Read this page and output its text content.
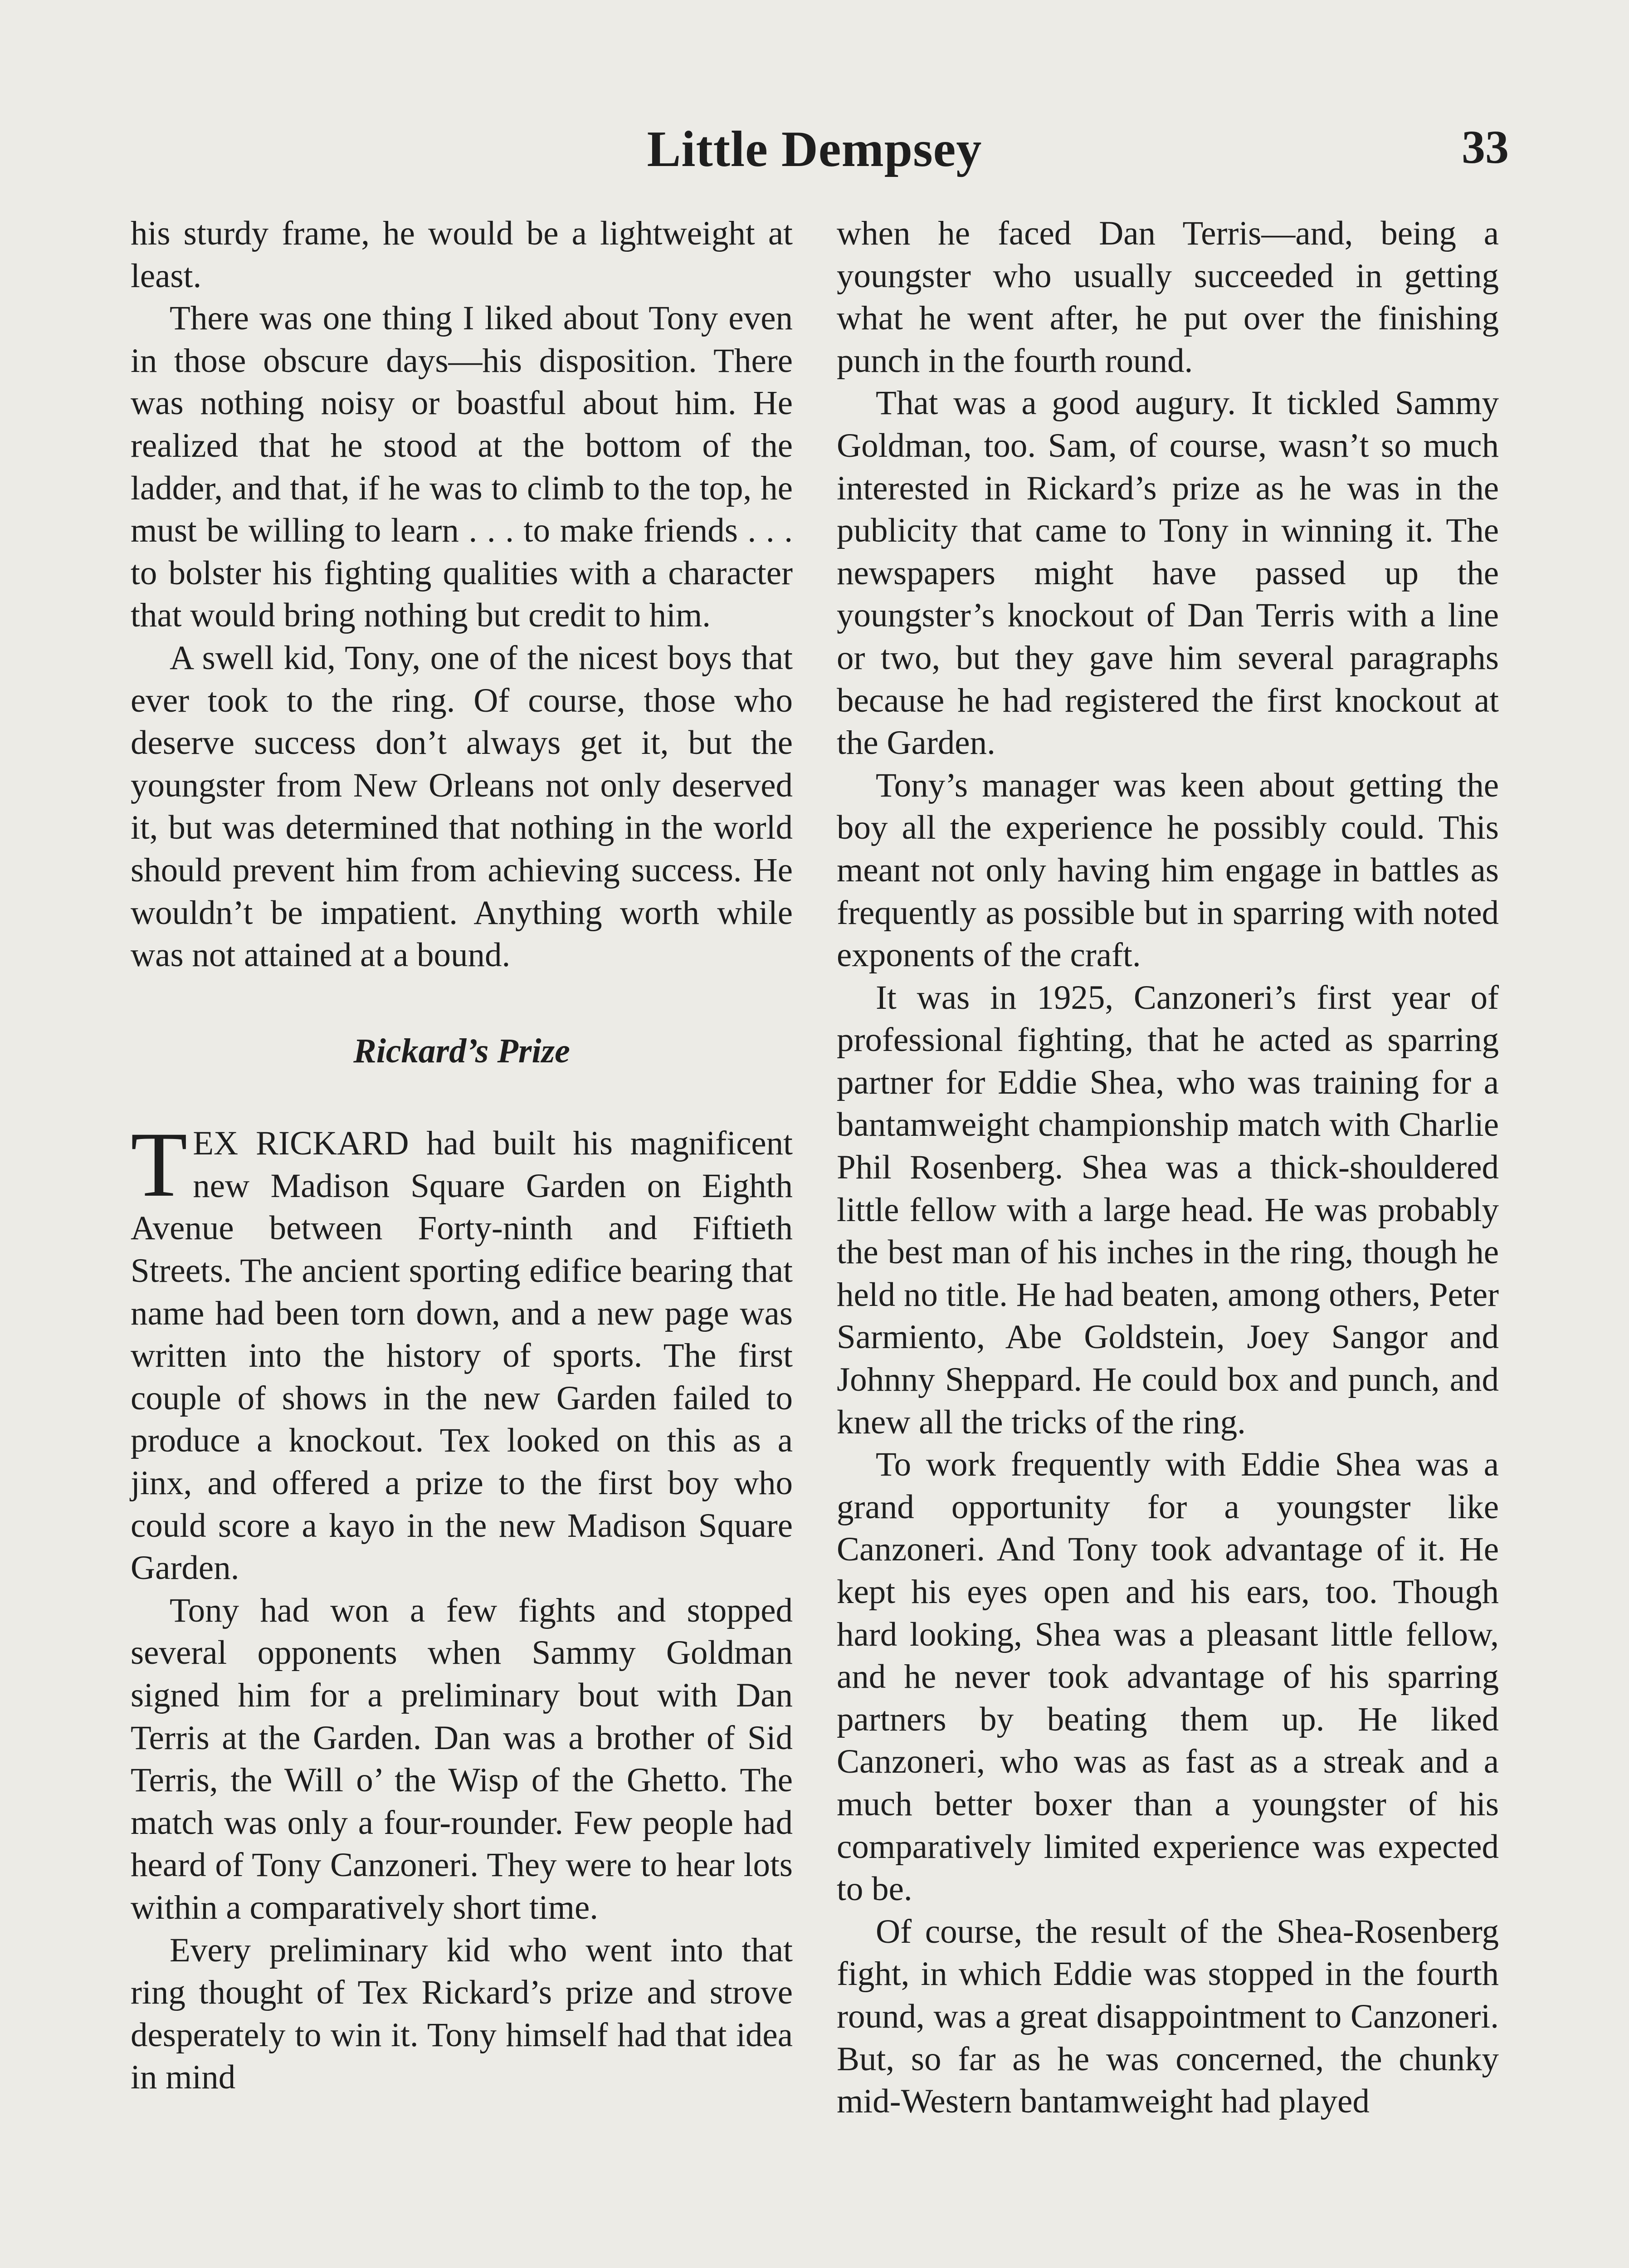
Little Dempsey	33

his sturdy frame, he would be a lightweight at least.

There was one thing I liked about Tony even in those obscure days—his disposition. There was nothing noisy or boastful about him. He realized that he stood at the bottom of the ladder, and that, if he was to climb to the top, he must be willing to learn . . . to make friends . . . to bolster his fighting qualities with a character that would bring nothing but credit to him.

A swell kid, Tony, one of the nicest boys that ever took to the ring. Of course, those who deserve success don’t always get it, but the youngster from New Orleans not only deserved it, but was determined that nothing in the world should prevent him from achieving success. He wouldn’t be impatient. Anything worth while was not attained at a bound.

Rickard’s Prize

TEX RICKARD had built his magnificent new Madison Square Garden on Eighth Avenue between Forty-ninth and Fiftieth Streets. The ancient sporting edifice bearing that name had been torn down, and a new page was written into the history of sports. The first couple of shows in the new Garden failed to produce a knockout. Tex looked on this as a jinx, and offered a prize to the first boy who could score a kayo in the new Madison Square Garden.

Tony had won a few fights and stopped several opponents when Sammy Goldman signed him for a preliminary bout with Dan Terris at the Garden. Dan was a brother of Sid Terris, the Will o’ the Wisp of the Ghetto. The match was only a four-rounder. Few people had heard of Tony Canzoneri. They were to hear lots within a comparatively short time.

Every preliminary kid who went into that ring thought of Tex Rickard’s prize and strove desperately to win it. Tony himself had that idea in mind

when he faced Dan Terris—and, being a youngster who usually succeeded in getting what he went after, he put over the finishing punch in the fourth round.

That was a good augury. It tickled Sammy Goldman, too. Sam, of course, wasn’t so much interested in Rickard’s prize as he was in the publicity that came to Tony in winning it. The newspapers might have passed up the youngster’s knockout of Dan Terris with a line or two, but they gave him several paragraphs because he had registered the first knockout at the Garden.

Tony’s manager was keen about getting the boy all the experience he possibly could. This meant not only having him engage in battles as frequently as possible but in sparring with noted exponents of the craft.

It was in 1925, Canzoneri’s first year of professional fighting, that he acted as sparring partner for Eddie Shea, who was training for a bantamweight championship match with Charlie Phil Rosenberg. Shea was a thick-shouldered little fellow with a large head. He was probably the best man of his inches in the ring, though he held no title. He had beaten, among others, Peter Sarmiento, Abe Goldstein, Joey Sangor and Johnny Sheppard. He could box and punch, and knew all the tricks of the ring.

To work frequently with Eddie Shea was a grand opportunity for a youngster like Canzoneri. And Tony took advantage of it. He kept his eyes open and his ears, too. Though hard looking, Shea was a pleasant little fellow, and he never took advantage of his sparring partners by beating them up. He liked Canzoneri, who was as fast as a streak and a much better boxer than a youngster of his comparatively limited experience was expected to be.

Of course, the result of the Shea-Rosenberg fight, in which Eddie was stopped in the fourth round, was a great disappointment to Canzoneri. But, so far as he was concerned, the chunky mid-Western bantamweight had played
